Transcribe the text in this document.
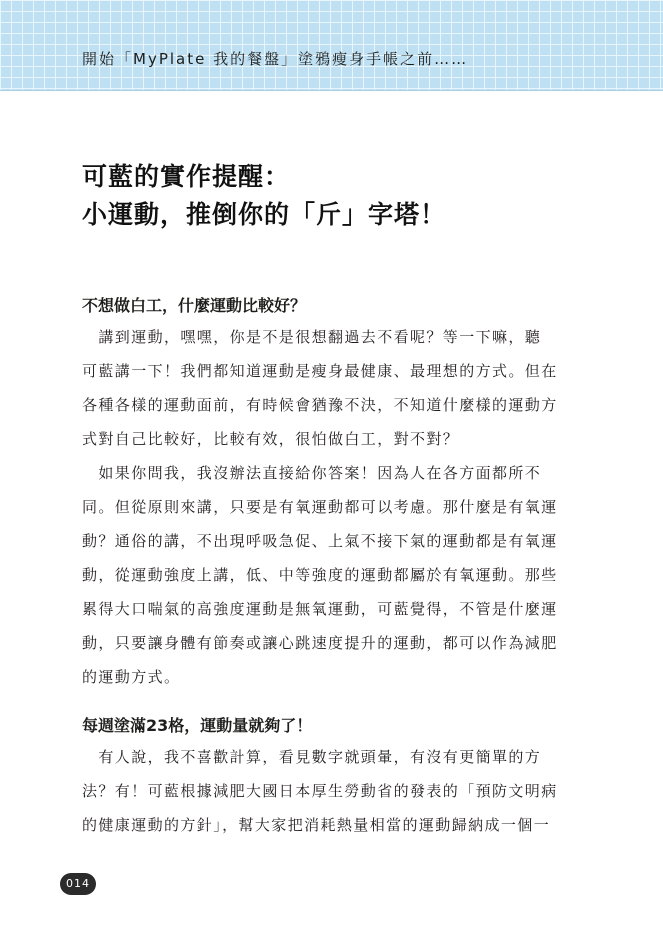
開始「MyPlate 我的餐盤」塗鴉瘦身手帳之前……
可藍的實作提醒：
小運動，推倒你的「斤」字塔！
不想做白工，什麼運動比較好？

　講到運動，嘿嘿，你是不是很想翻過去不看呢？等一下嘛，聽

可藍講一下！我們都知道運動是瘦身最健康、最理想的方式。但在

各種各樣的運動面前，有時候會猶豫不決，不知道什麼樣的運動方

式對自己比較好，比較有效，很怕做白工，對不對？

　如果你問我，我沒辦法直接給你答案！因為人在各方面都所不

同。但從原則來講，只要是有氧運動都可以考慮。那什麼是有氧運

動？通俗的講，不出現呼吸急促、上氣不接下氣的運動都是有氧運

動，從運動強度上講，低、中等強度的運動都屬於有氧運動。那些

累得大口喘氣的高強度運動是無氧運動，可藍覺得，不管是什麼運

動，只要讓身體有節奏或讓心跳速度提升的運動，都可以作為減肥

的運動方式。

每週塗滿23格，運動量就夠了！

　有人說，我不喜歡計算，看見數字就頭暈，有沒有更簡單的方

法？有！可藍根據減肥大國日本厚生勞動省的發表的「預防文明病

的健康運動的方針」，幫大家把消耗熱量相當的運動歸納成一個一

014
